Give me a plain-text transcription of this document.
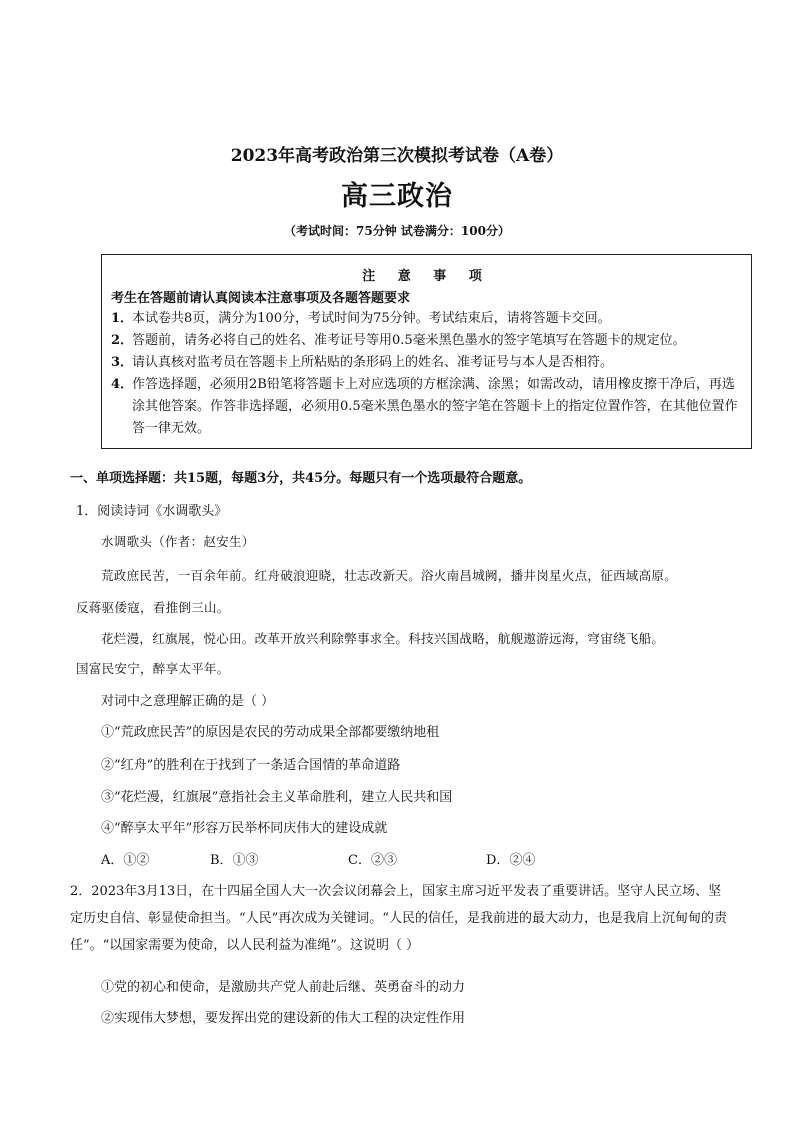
2023年高考政治第三次模拟考试卷（A卷）
高三政治
（考试时间：75分钟 试卷满分：100分）
注 意 事 项
考生在答题前请认真阅读本注意事项及各题答题要求
1．本试卷共8页，满分为100分，考试时间为75分钟。考试结束后，请将答题卡交回。
2．答题前，请务必将自己的姓名、准考证号等用0.5毫米黑色墨水的签字笔填写在答题卡的规定位。
3．请认真核对监考员在答题卡上所粘贴的条形码上的姓名、准考证号与本人是否相符。
4．作答选择题，必须用2B铅笔将答题卡上对应选项的方框涂满、涂黑；如需改动，请用橡皮擦干净后，再选涂其他答案。作答非选择题，必须用0.5毫米黑色墨水的签字笔在答题卡上的指定位置作答，在其他位置作答一律无效。
一、单项选择题：共15题，每题3分，共45分。每题只有一个选项最符合题意。
1．阅读诗词《水调歌头》
水调歌头（作者：赵安生）
荒政庶民苦，一百余年前。红舟破浪迎晓，壮志改新天。浴火南昌城阙，播井岗星火点，征西域高原。
反蒋驱倭寇，看推倒三山。
花烂漫，红旗展，悦心田。改革开放兴利除弊事求全。科技兴国战略，航舰遨游远海，穹宙绕飞船。
国富民安宁，醉享太平年。
对词中之意理解正确的是（ ）
①“荒政庶民苦”的原因是农民的劳动成果全部都要缴纳地租
②“红舟”的胜利在于找到了一条适合国情的革命道路
③“花烂漫，红旗展”意指社会主义革命胜利，建立人民共和国
④“醉享太平年”形容万民举杯同庆伟大的建设成就
A．①②	B．①③	C．②③	D．②④
2．2023年3月13日，在十四届全国人大一次会议闭幕会上，国家主席习近平发表了重要讲话。坚守人民立场、坚定历史自信、彰显使命担当。“人民”再次成为关键词。“人民的信任，是我前进的最大动力，也是我肩上沉甸甸的责任”。“以国家需要为使命，以人民利益为准绳”。这说明（ ）
①党的初心和使命，是激励共产党人前赴后继、英勇奋斗的动力
②实现伟大梦想，要发挥出党的建设新的伟大工程的决定性作用
